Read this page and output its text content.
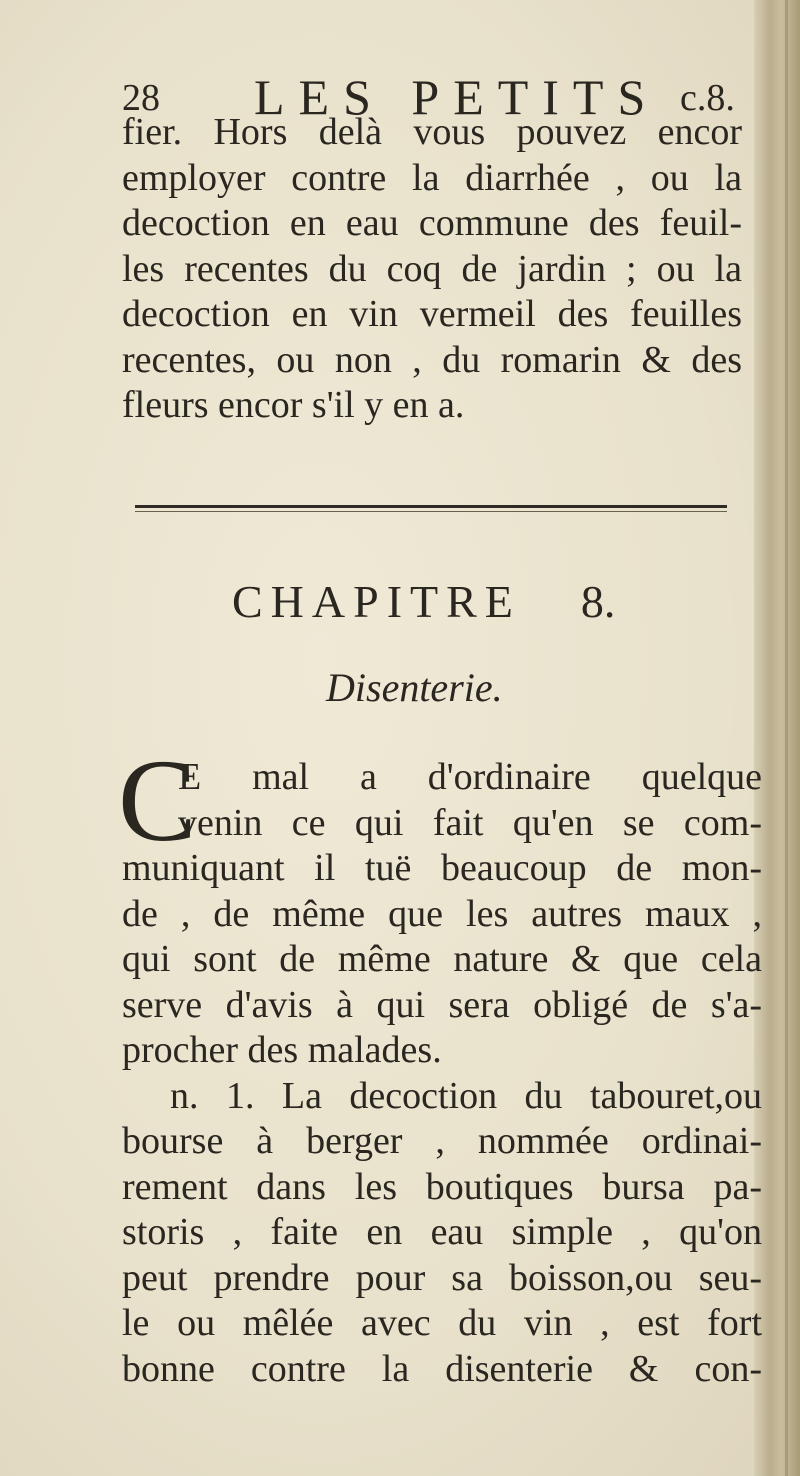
28 LES PETITS c.8.
fier. Hors delà vous pouvez encor
employer contre la diarrhée , ou la
decoction en eau commune des feuil-
les recentes du coq de jardin ; ou la
decoction en vin vermeil des feuilles
recentes, ou non , du romarin & des
fleurs encor s'il y en a.
CHAPITRE 8.
Disenterie.
C
E mal a d'ordinaire quelque
venin ce qui fait qu'en se com-
muniquant il tuë beaucoup de mon-
de , de même que les autres maux ,
qui sont de même nature & que cela
serve d'avis à qui sera obligé de s'a-
procher des malades.
n. 1. La decoction du tabouret,ou
bourse à berger , nommée ordinai-
rement dans les boutiques bursa pa-
storis , faite en eau simple , qu'on
peut prendre pour sa boisson,ou seu-
le ou mêlée avec du vin , est fort
bonne contre la disenterie & con-
